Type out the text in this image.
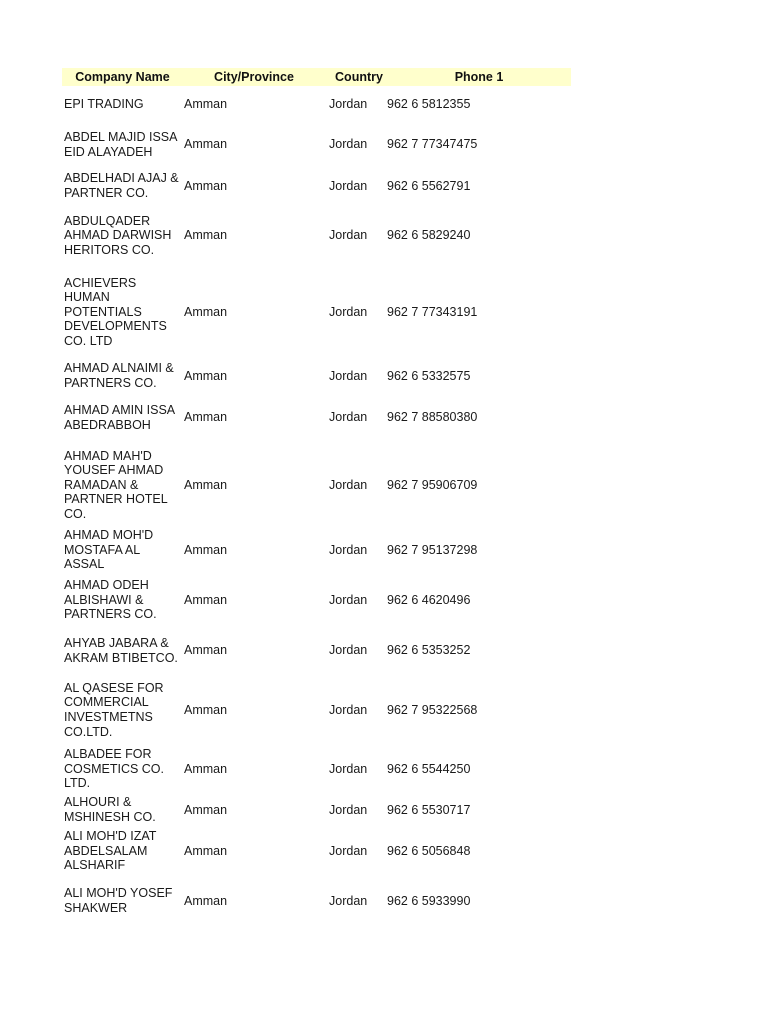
Company Name	City/Province	Country	Phone 1
EPI TRADING	Amman	Jordan	962 6 5812355
ABDEL MAJID ISSA
EID ALAYADEH
Amman	Jordan	962 7 77347475
ABDELHADI AJAJ &
PARTNER CO.
Amman	Jordan	962 6 5562791
ABDULQADER
AHMAD DARWISH
HERITORS CO.
Amman	Jordan	962 6 5829240
ACHIEVERS
HUMAN
POTENTIALS
DEVELOPMENTS
CO. LTD
Amman	Jordan	962 7 77343191
AHMAD ALNAIMI &
PARTNERS CO.
Amman	Jordan	962 6 5332575
AHMAD AMIN ISSA
ABEDRABBOH
Amman	Jordan	962 7 88580380
AHMAD MAH'D
YOUSEF AHMAD
RAMADAN &
PARTNER HOTEL
CO.
Amman	Jordan	962 7 95906709
AHMAD MOH'D
MOSTAFA AL
ASSAL
Amman	Jordan	962 7 95137298
AHMAD ODEH
ALBISHAWI &
PARTNERS CO.
Amman	Jordan	962 6 4620496
AHYAB JABARA &
AKRAM BTIBETCO.
Amman	Jordan	962 6 5353252
AL QASESE FOR
COMMERCIAL
INVESTMETNS
CO.LTD.
Amman	Jordan	962 7 95322568
ALBADEE FOR
COSMETICS CO.
LTD.
Amman	Jordan	962 6 5544250
ALHOURI &
MSHINESH CO.
Amman	Jordan	962 6 5530717
ALI MOH'D IZAT
ABDELSALAM
ALSHARIF
Amman	Jordan	962 6 5056848
ALI MOH'D YOSEF
SHAKWER
Amman	Jordan	962 6 5933990
